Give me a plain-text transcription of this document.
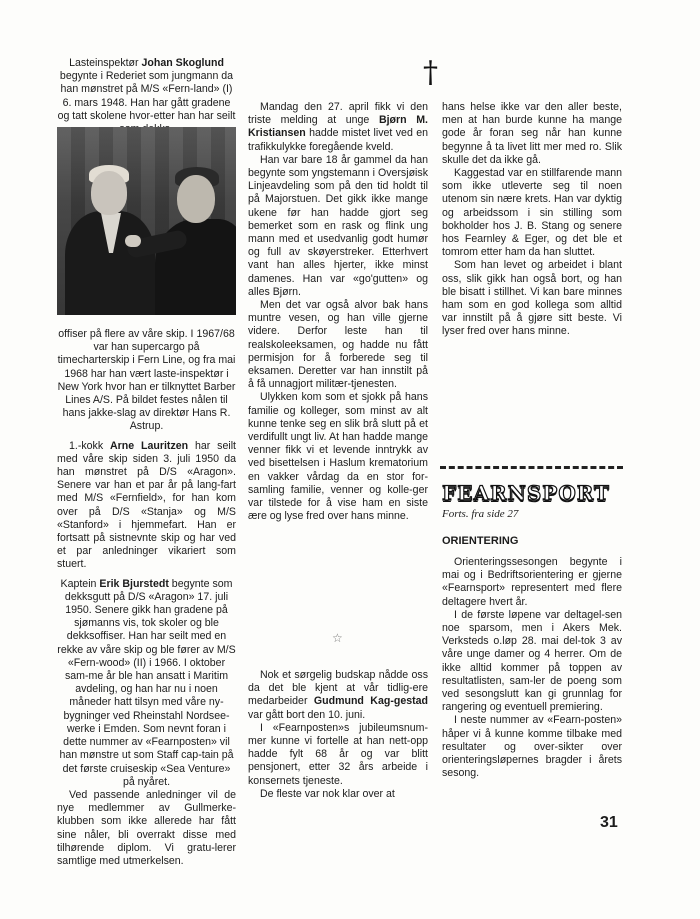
Lasteinspektør Johan Skoglund begynte i Rederiet som jungmann da han mønstret på M/S «Fern-land» (I) 6. mars 1948. Han har gått gradene og tatt skolene hvor-etter han har seilt

offiser på flere av våre skip. I 1967/68 var han supercargo på timecharterskip i Fern Line, og fra mai 1968 har han vært laste-inspektør i New York hvor han er tilknyttet Barber Lines A/S. På bildet festes nålen til hans jakke-slag av direktør Hans R. Astrup.

1.-kokk Arne Lauritzen har seilt med våre skip siden 3. juli 1950 da han mønstret på D/S «Aragon». Senere var han et par år på lang-fart med M/S «Fernfield», for han kom over på D/S «Stanja» og M/S «Stanford» i hjemmefart. Han er fortsatt på sistnevnte skip og har ved et par anledninger vikariert som stuert.

Kaptein Erik Bjurstedt begynte som dekksgutt på D/S «Aragon» 17. juli 1950. Senere gikk han gradene på sjømanns vis, tok skoler og ble dekksoffiser. Han har seilt med en rekke av våre skip og ble fører av M/S «Fern-wood» (II) i 1966. I oktober sam-me år ble han ansatt i Maritim avdeling, og han har nu i noen måneder hatt tilsyn med våre ny-bygninger ved Rheinstahl Nordsee-werke i Emden. Som nevnt foran i dette nummer av «Fearnposten» vil han mønstre ut som Staff cap-tain på det første cruiseskip «Sea Venture» på nyåret.

Ved passende anledninger vil de nye medlemmer av Gullmerke-klubben som ikke allerede har fått sine nåler, bli overrakt disse med tilhørende diplom. Vi gratu-lerer samtlige med utmerkelsen.

†

Mandag den 27. april fikk vi den triste melding at unge Bjørn M. Kristiansen hadde mistet livet ved en trafikkulykke foregående kveld.

Han var bare 18 år gammel da han begynte som yngstemann i Oversjøisk Linjeavdeling som på den tid holdt til på Majorstuen. Det gikk ikke mange ukene før han hadde gjort seg bemerket som en rask og flink ung mann med et usedvanlig godt humør og full av skøyerstreker. Etterhvert vant han alles hjerter, ikke minst damenes. Han var «go'gutten» og alles Bjørn.

Men det var også alvor bak hans muntre vesen, og han ville gjerne videre. Derfor leste han til realskoleeksamen, og hadde nu fått permisjon for å forberede seg til eksamen. Deretter var han innstilt på å få unnagjort militær-tjenesten.

Ulykken kom som et sjokk på hans familie og kolleger, som minst av alt kunne tenke seg en slik brå slutt på et verdifullt ungt liv. At han hadde mange venner fikk vi et levende inntrykk av ved bisettelsen i Haslum krematorium en vakker vårdag da en stor for-samling familie, venner og kolle-ger var tilstede for å vise ham en siste ære og lyse fred over hans minne.

☆

Nok et sørgelig budskap nådde oss da det ble kjent at vår tidlig-ere medarbeider Gudmund Kag-gestad var gått bort den 10. juni.

I «Fearnposten»s jubileumsnum-mer kunne vi fortelle at han nett-opp hadde fylt 68 år og var blitt pensjonert, etter 32 års arbeide i konsernets tjeneste.

De fleste var nok klar over at

hans helse ikke var den aller beste, men at han burde kunne ha mange gode år foran seg når han kunne begynne å ta livet litt mer med ro. Slik skulle det da ikke gå.

Kaggestad var en stillfarende mann som ikke utleverte seg til noen utenom sin nære krets. Han var dyktig og arbeidssom i sin stilling som bokholder hos J. B. Stang og senere hos Fearnley & Eger, og det ble et tomrom etter ham da han sluttet.

Som han levet og arbeidet i blant oss, slik gikk han også bort, og han ble bisatt i stillhet. Vi kan bare minnes ham som en god kollega som alltid var innstilt på å gjøre sitt beste. Vi lyser fred over hans minne.

FEARNSPORT
Forts. fra side 27
ORIENTERING

Orienteringssesongen begynte i mai og i Bedriftsorientering er gjerne «Fearnsport» representert med flere deltagere hvert år.

I de første løpene var deltagel-sen noe sparsom, men i Akers Mek. Verksteds o.løp 28. mai del-tok 3 av våre unge damer og 4 herrer. Om de ikke alltid kommer på toppen av resultatlisten, sam-ler de poeng som ved sesongslutt kan gi grunnlag for rangering og eventuell premiering.

I neste nummer av «Fearn-posten» håper vi å kunne komme tilbake med resultater og over-sikter over orienteringsløpernes bragder i årets sesong.

31
